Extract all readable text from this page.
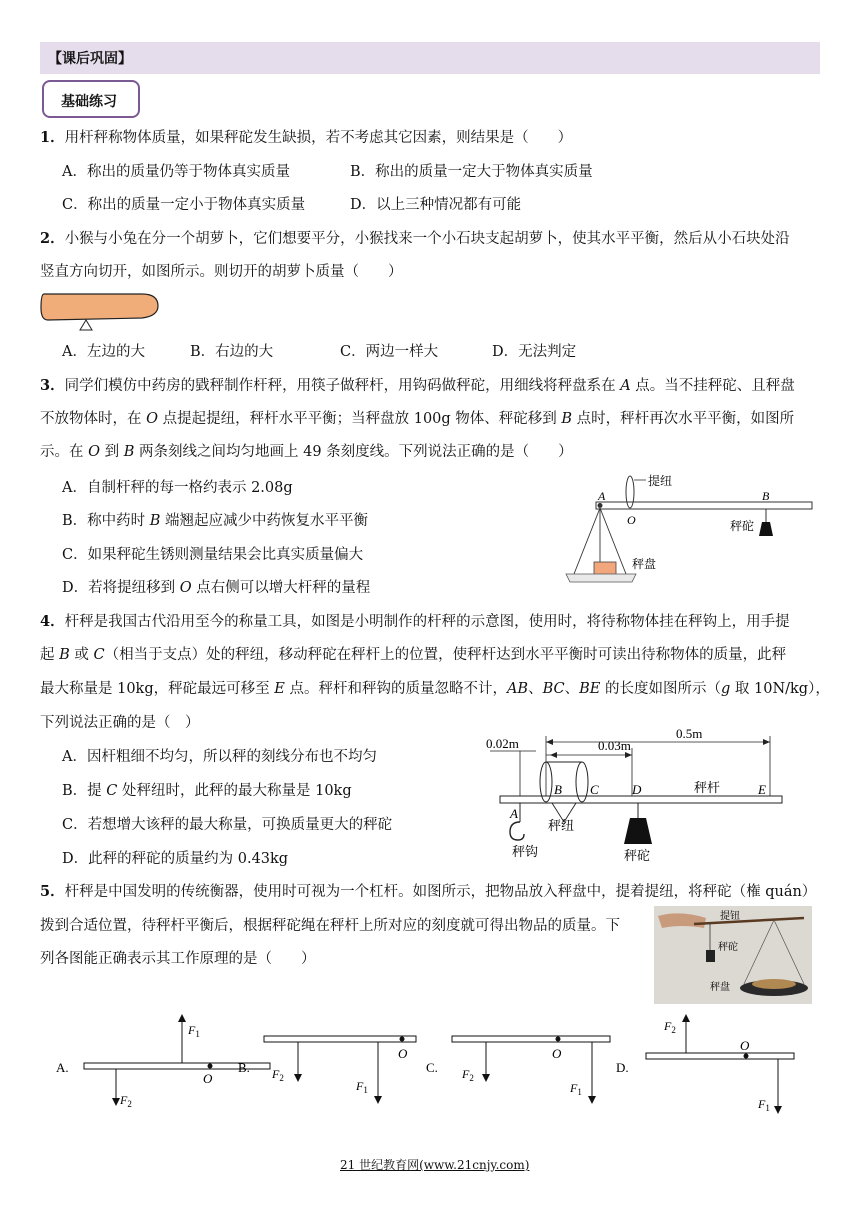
【课后巩固】
基础练习
1．用杆秤称物体质量，如果秤砣发生缺损，若不考虑其它因素，则结果是（　　）
A．称出的质量仍等于物体真实质量	B．称出的质量一定大于物体真实质量
C．称出的质量一定小于物体真实质量	D．以上三种情况都有可能
2．小猴与小兔在分一个胡萝卜，它们想要平分，小猴找来一个小石块支起胡萝卜，使其水平平衡，然后从小石块处沿
竖直方向切开，如图所示。则切开的胡萝卜质量（　　）
A．左边的大	B．右边的大	C．两边一样大	D．无法判定
3．同学们模仿中药房的戥秤制作杆秤，用筷子做秤杆，用钩码做秤砣，用细线将秤盘系在 A 点。当不挂秤砣、且秤盘
不放物体时，在 O 点提起提纽，秤杆水平平衡；当秤盘放 100g 物体、秤砣移到 B 点时，秤杆再次水平平衡，如图所
示。在 O 到 B 两条刻线之间均匀地画上 49 条刻度线。下列说法正确的是（　　）
A．自制杆秤的每一格约表示 2.08g
B．称中药时 B 端翘起应减少中药恢复水平平衡
C．如果秤砣生锈则测量结果会比真实质量偏大
D．若将提纽移到 O 点右侧可以增大杆秤的量程
A
O
提纽
B
秤砣
秤盘
4．杆秤是我国古代沿用至今的称量工具，如图是小明制作的杆秤的示意图，使用时，将待称物体挂在秤钩上，用手提
起 B 或 C（相当于支点）处的秤纽，移动秤砣在秤杆上的位置，使秤杆达到水平平衡时可读出待称物体的质量，此秤
最大称量是 10kg，秤砣最远可移至 E 点。秤杆和秤钩的质量忽略不计，AB、BC、BE 的长度如图所示（g 取 10N/kg），
下列说法正确的是（　）
A．因杆粗细不均匀，所以秤的刻线分布也不均匀
B．提 C 处秤纽时，此秤的最大称量是 10kg
C．若想增大该秤的最大称量，可换质量更大的秤砣
D．此秤的秤砣的质量约为 0.43kg
0.02m	0.03m
0.5m
B C	D	E
秤杆
秤纽
A
秤钩	秤砣
5．杆秤是中国发明的传统衡器，使用时可视为一个杠杆。如图所示，把物品放入秤盘中，提着提纽，将秤砣（権 quán）
拨到合适位置，待秤杆平衡后，根据秤砣绳在秤杆上所对应的刻度就可得出物品的质量。下
列各图能正确表示其工作原理的是（　　）
提钮
秤砣
秤盘
A.
O
$F_1$
$F_2$
B.
O
$F_2$
$F_1$
C.
O
$F_2$
$F_1$
D.
O
$F_2$
$F_1$
21 世纪教育网(www.21cnjy.com)
